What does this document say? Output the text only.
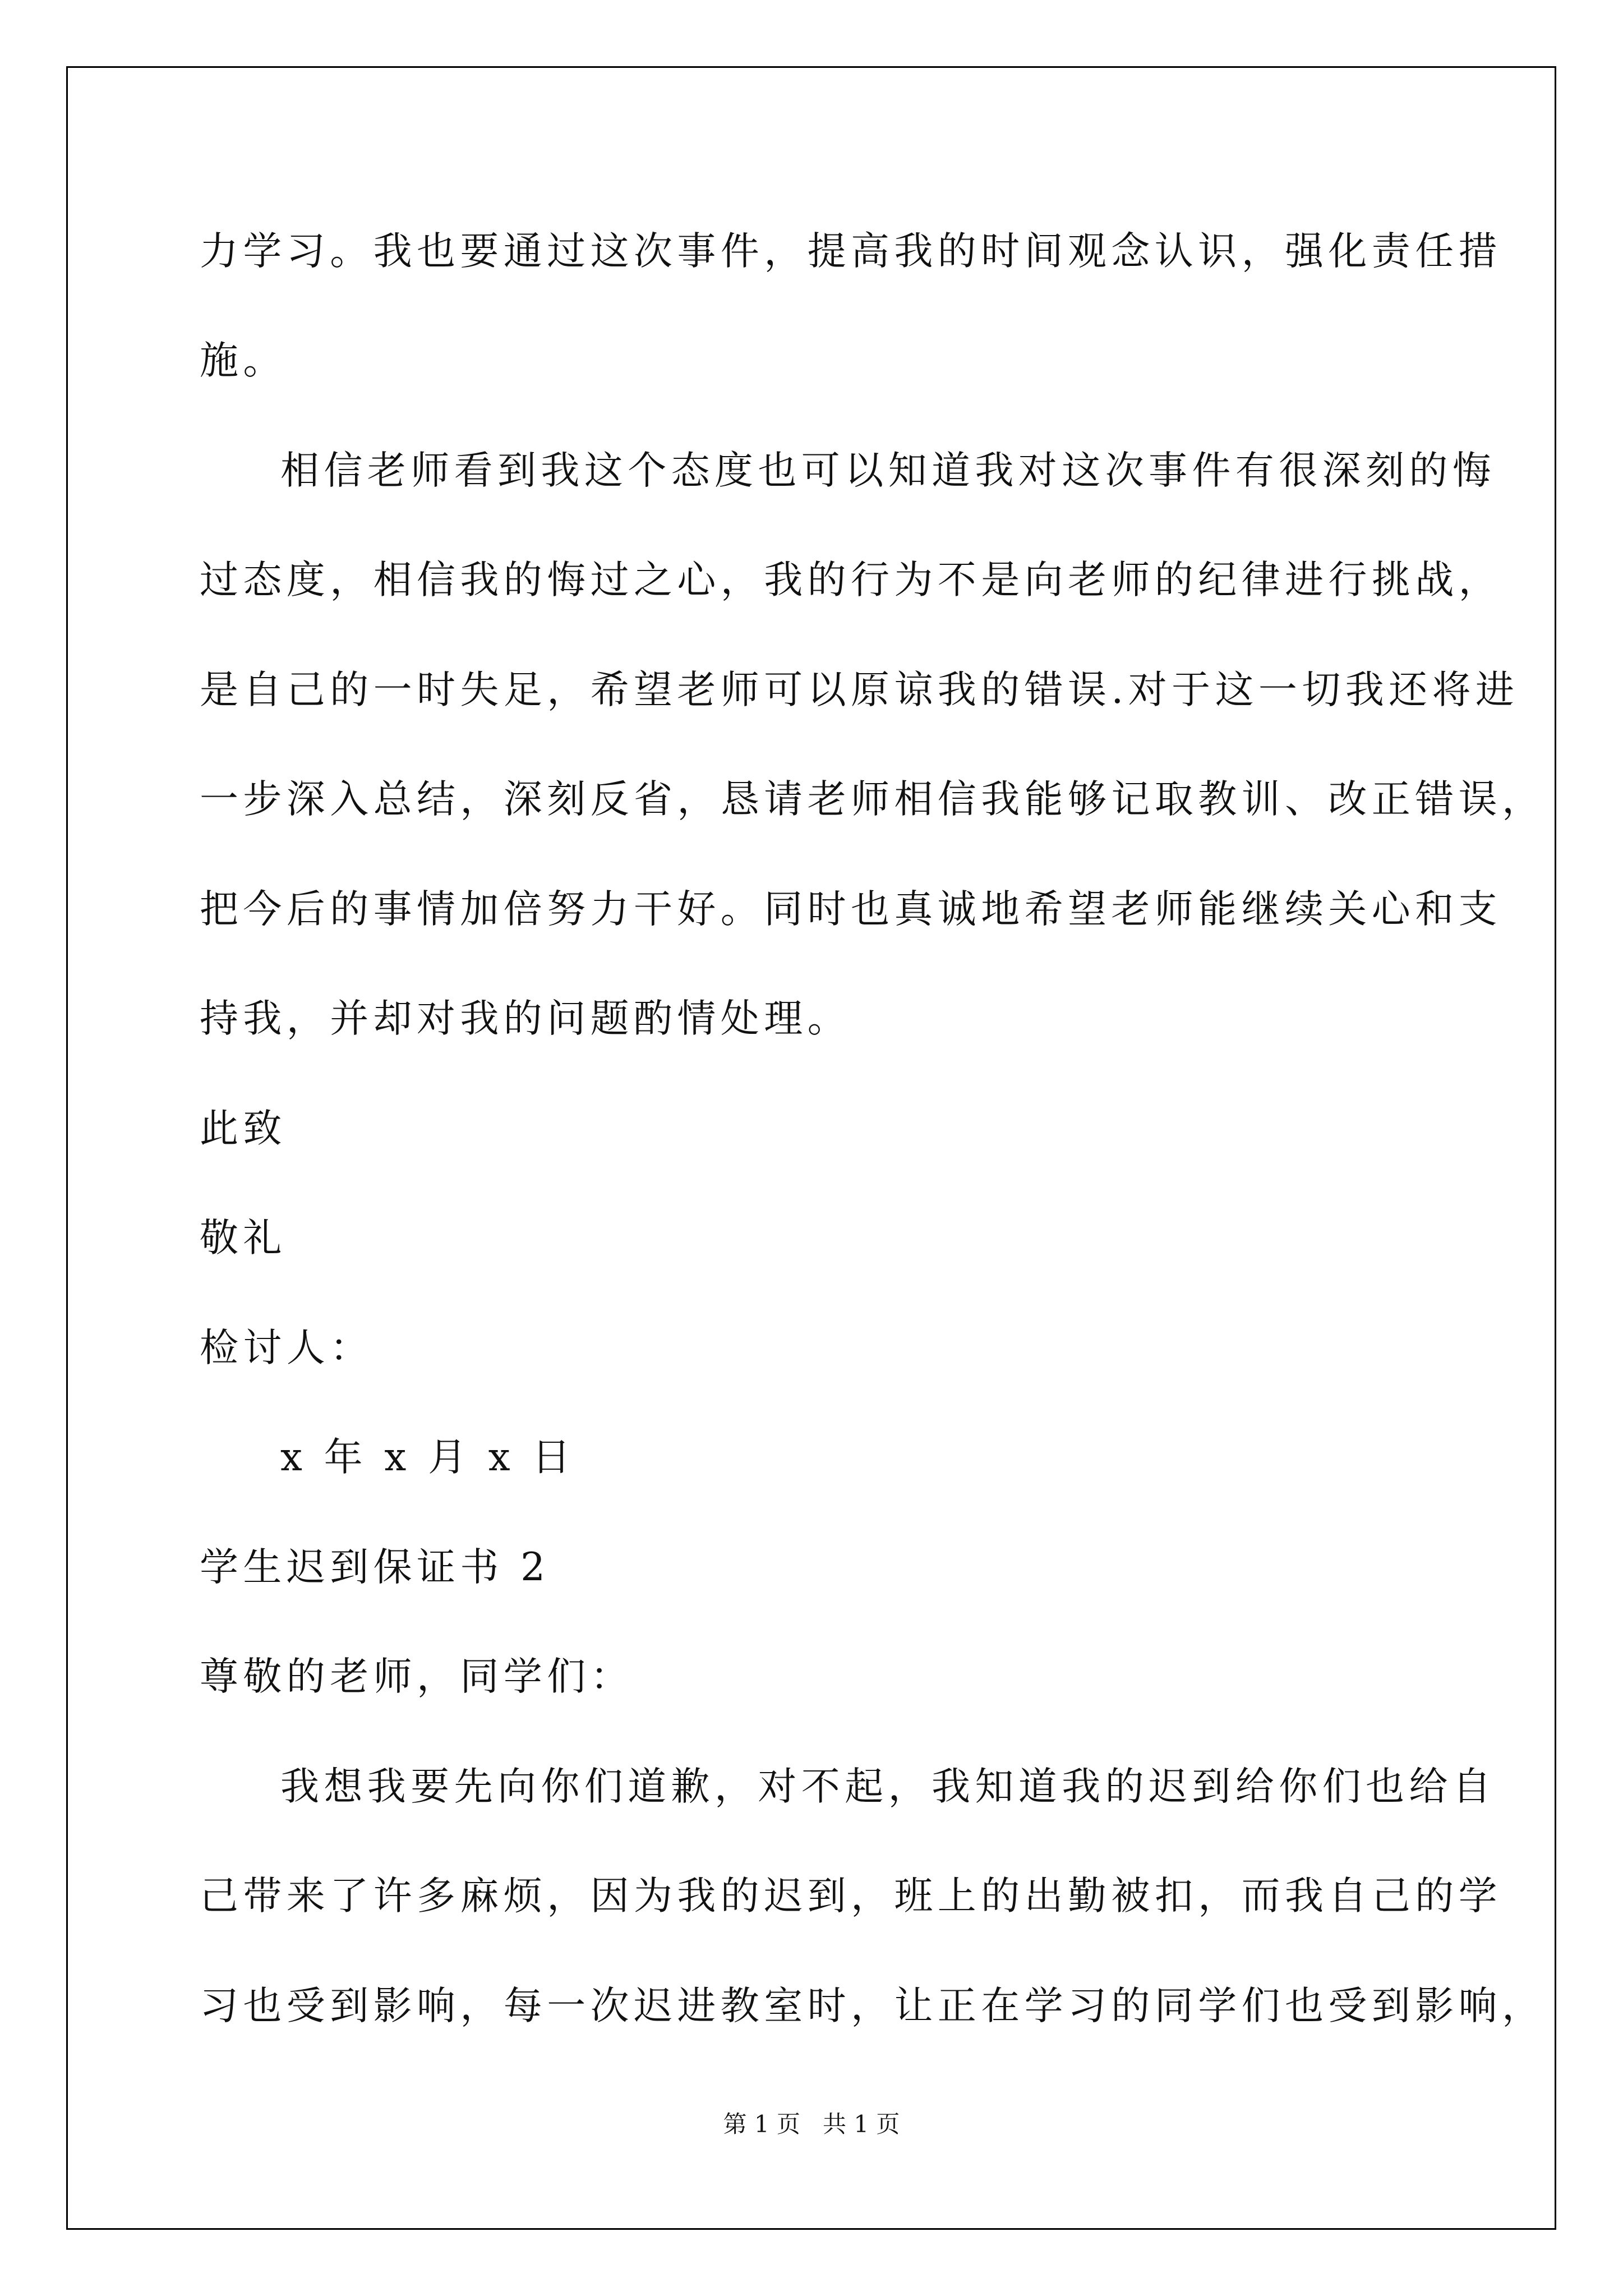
力学习。我也要通过这次事件，提高我的时间观念认识，强化责任措
施。
相信老师看到我这个态度也可以知道我对这次事件有很深刻的悔
过态度，相信我的悔过之心，我的行为不是向老师的纪律进行挑战，
是自己的一时失足，希望老师可以原谅我的错误.对于这一切我还将进
一步深入总结，深刻反省，恳请老师相信我能够记取教训、改正错误，
把今后的事情加倍努力干好。同时也真诚地希望老师能继续关心和支
持我，并却对我的问题酌情处理。
此致
敬礼
检讨人：
x 年 x 月 x 日
学生迟到保证书 2
尊敬的老师，同学们：
我想我要先向你们道歉，对不起，我知道我的迟到给你们也给自
己带来了许多麻烦，因为我的迟到，班上的出勤被扣，而我自己的学
习也受到影响，每一次迟进教室时，让正在学习的同学们也受到影响，
第 1 页 共 1 页
